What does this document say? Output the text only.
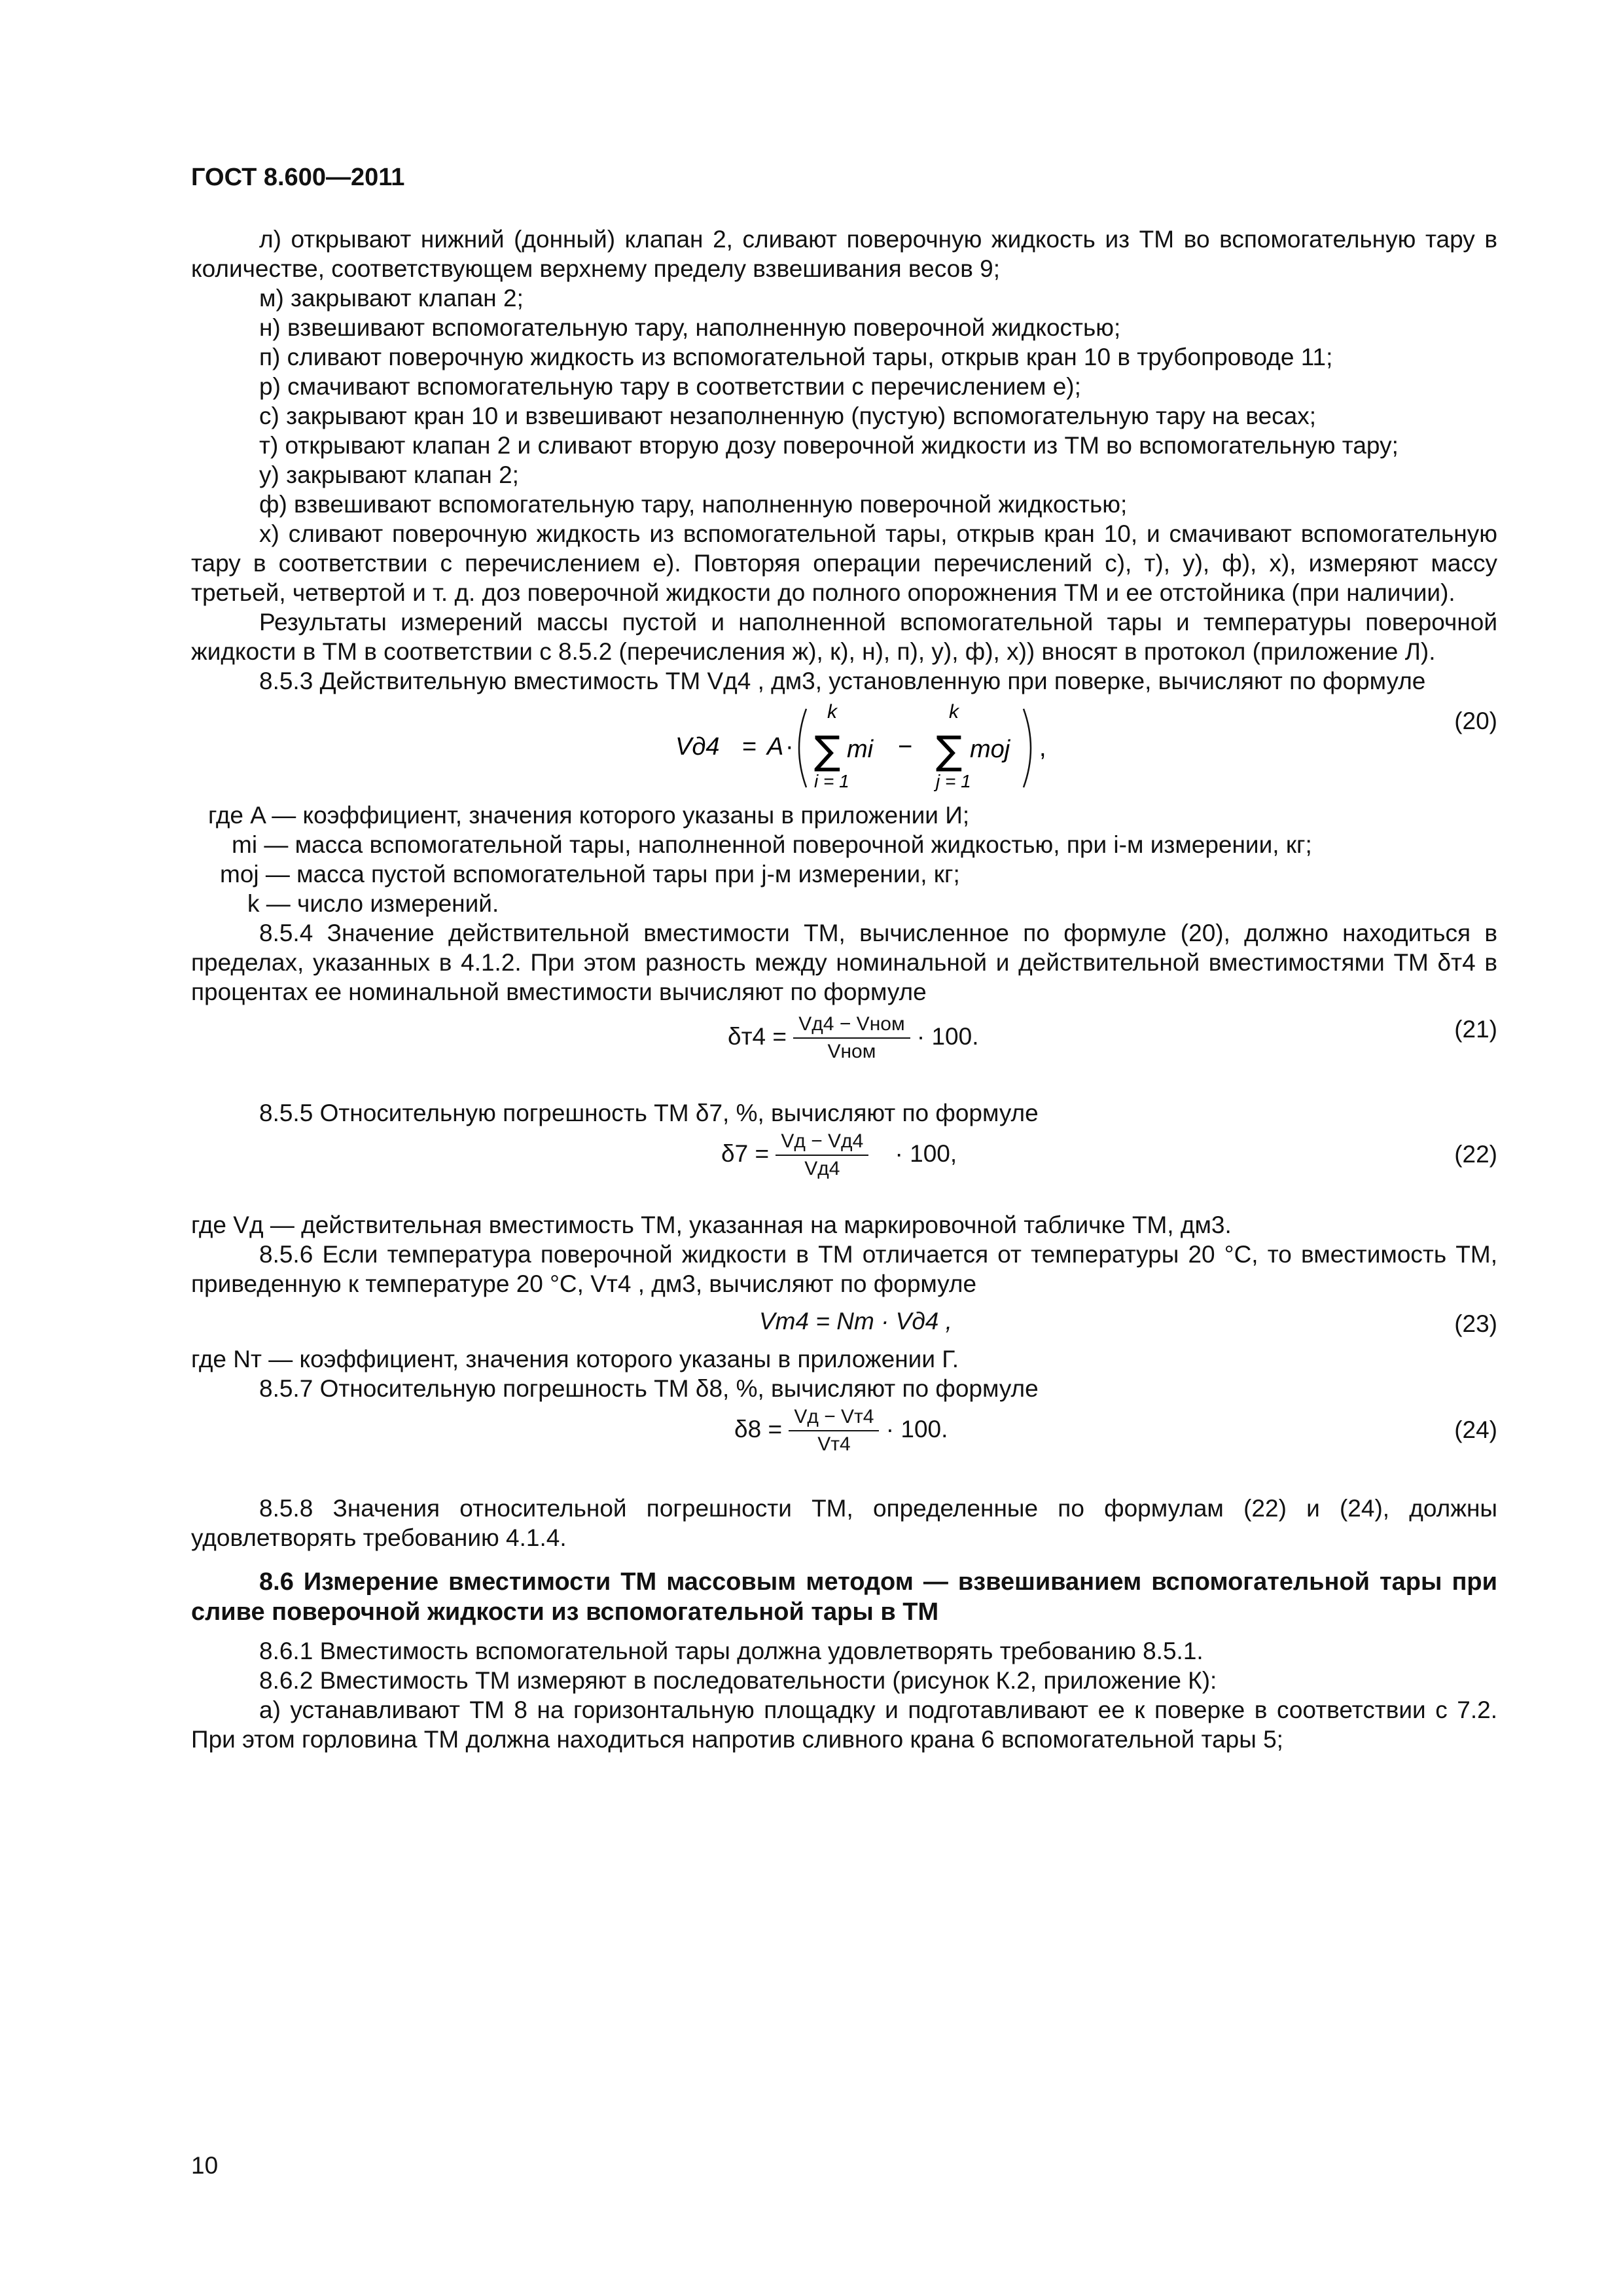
ГОСТ 8.600—2011

л) открывают нижний (донный) клапан 2, сливают поверочную жидкость из ТМ во вспомогательную тару в количестве, соответствующем верхнему пределу взвешивания весов 9;

м) закрывают клапан 2;

н) взвешивают вспомогательную тару, наполненную поверочной жидкостью;

п) сливают поверочную жидкость из вспомогательной тары, открыв кран 10 в трубопроводе 11;

р) смачивают вспомогательную тару в соответствии с перечислением е);

с) закрывают кран 10 и взвешивают незаполненную (пустую) вспомогательную тару на весах;

т) открывают клапан 2 и сливают вторую дозу поверочной жидкости из ТМ во вспомогательную тару;

у) закрывают клапан 2;

ф) взвешивают вспомогательную тару, наполненную поверочной жидкостью;

х) сливают поверочную жидкость из вспомогательной тары, открыв кран 10, и смачивают вспомогательную тару в соответствии с перечислением е). Повторяя операции перечислений с), т), у), ф), х), измеряют массу третьей, четвертой и т. д. доз поверочной жидкости до полного опорожнения ТМ и ее отстойника (при наличии).

Результаты измерений массы пустой и наполненной вспомогательной тары и температуры поверочной жидкости в ТМ в соответствии с 8.5.2 (перечисления ж), к), н), п), у), ф), х)) вносят в протокол (приложение Л).

8.5.3 Действительную вместимость ТМ Vд4 , дм3, установленную при поверке, вычисляют по формуле

(20)
Vд4 = A ·
k
∑ mi
i = 1
−
k
∑ moj
j = 1
,

где A — коэффициент, значения которого указаны в приложении И;

mi — масса вспомогательной тары, наполненной поверочной жидкостью, при i-м измерении, кг;

moj — масса пустой вспомогательной тары при j-м измерении, кг;

k — число измерений.

8.5.4 Значение действительной вместимости ТМ, вычисленное по формуле (20), должно находиться в пределах, указанных в 4.1.2. При этом разность между номинальной и действительной вместимостями ТМ δт4 в процентах ее номинальной вместимости вычисляют по формуле

(21)
$\delta т4 = \frac{\text{Vд4 − Vном}}{\text{Vном}} \cdot 100$.

8.5.5 Относительную погрешность ТМ δ7, %, вычисляют по формуле

(22)
$\delta 7 = \frac{Vд - Vд4}{Vд4} \cdot 100$,

где Vд — действительная вместимость ТМ, указанная на маркировочной табличке ТМ, дм3.

8.5.6 Если температура поверочной жидкости в ТМ отличается от температуры 20 °С, то вместимость ТМ, приведенную к температуре 20 °С, Vт4 , дм3, вычисляют по формуле

(23)
Vт4 = Nт · Vд4 ,

где Nт — коэффициент, значения которого указаны в приложении Г.

8.5.7 Относительную погрешность ТМ δ8, %, вычисляют по формуле

(24)
$\delta 8 = \frac{Vд - Vт4}{Vт4} \cdot 100$.

8.5.8 Значения относительной погрешности ТМ, определенные по формулам (22) и (24), должны удовлетворять требованию 4.1.4.

8.6 Измерение вместимости ТМ массовым методом — взвешиванием вспомогательной тары при сливе поверочной жидкости из вспомогательной тары в ТМ

8.6.1 Вместимость вспомогательной тары должна удовлетворять требованию 8.5.1.

8.6.2 Вместимость ТМ измеряют в последовательности (рисунок К.2, приложение К):

а) устанавливают ТМ 8 на горизонтальную площадку и подготавливают ее к поверке в соответствии с 7.2. При этом горловина ТМ должна находиться напротив сливного крана 6 вспомогательной тары 5;

10
